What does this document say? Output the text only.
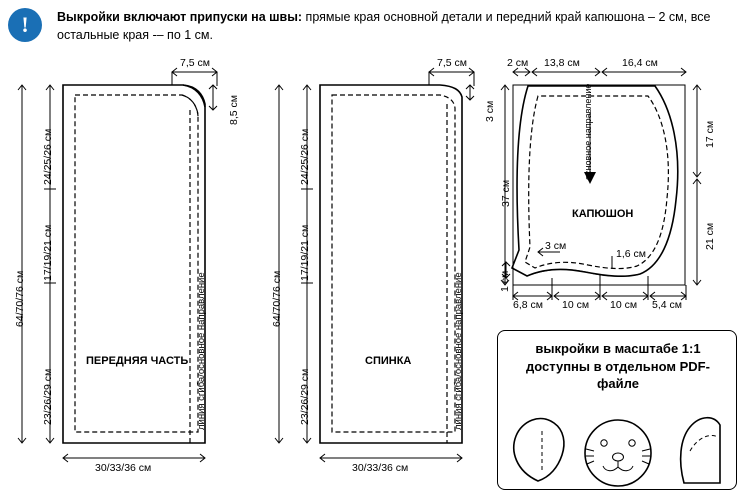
! Выкройки включают припуски на швы: прямые края основной детали и передний край капюшона – 2 см, все остальные края -– по 1 см.
ПЕРЕДНЯЯ ЧАСТЬ линия сгиба/основное направление
7,5 см
8,5 см
64/70/76 см
24/25/26 см
17/19/21 см
23/26/29 см
30/33/36 см
СПИНКА	линия сгиба/основное направление
7,5 см
3 см
64/70/76 см
24/25/26 см
17/19/21 см
23/26/29 см
30/33/36 см
КАПЮШОН
основное направление
2 см 13,8 см	16,4 см
37 см
17 см
21 см
3 см
1,6 см
1 см
6,8 см 10 см 10 см 5,4 см
выкройки в масштабе 1:1
доступны в отдельном PDF-
файле
